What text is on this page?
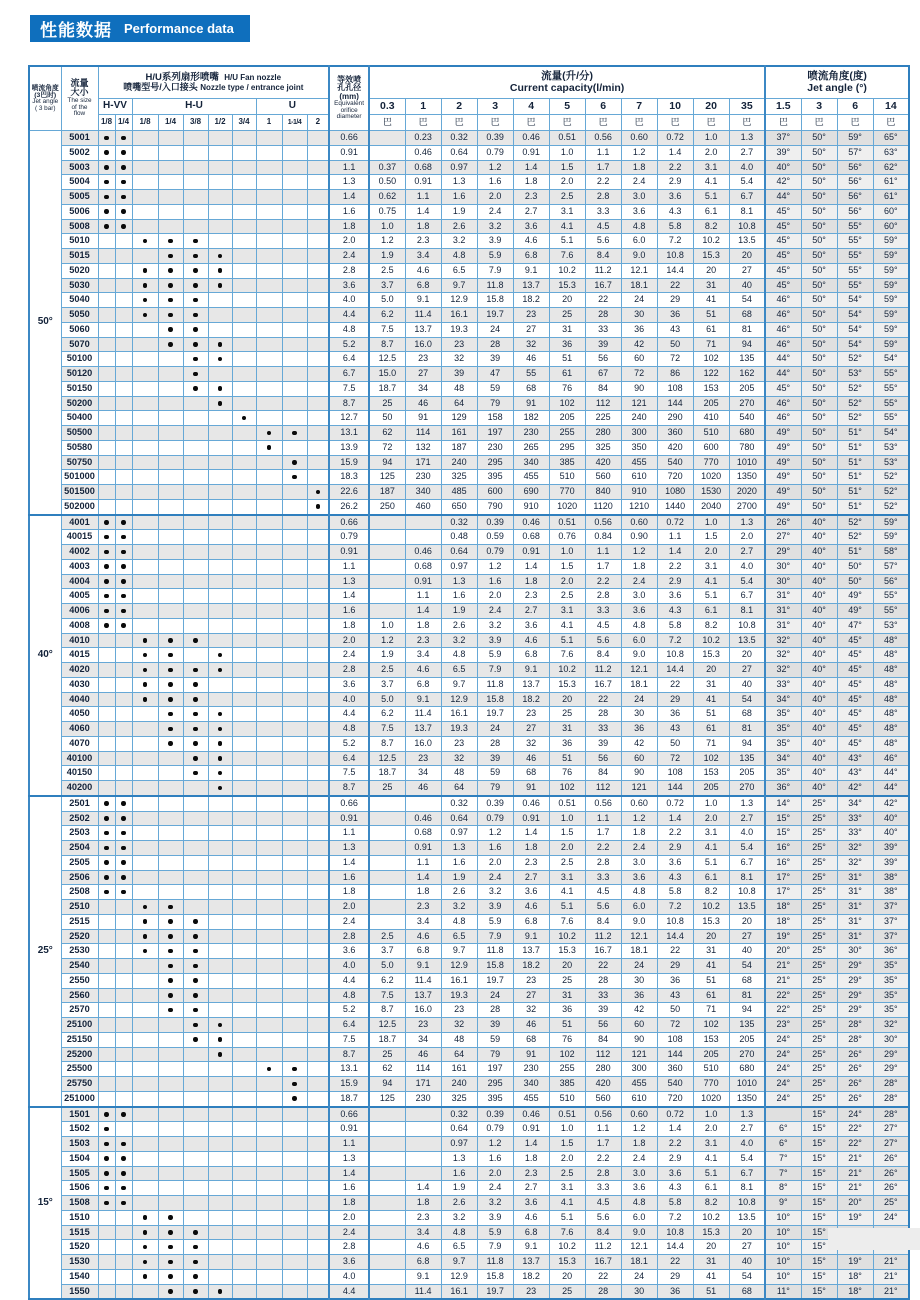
性能数据 Performance data
喷流角度
(3巴时)
Jet angle
( 3 bar)

流量
大小
The size
of the
flow

H/U系列扇形喷嘴 H/U Fan nozzle
喷嘴型号/入口接头 Nozzle type / entrance joint

等效喷
孔孔径
(mm)
Equivalent
orifice
diameter

流量(升/分)
Current capacity(l/min)

喷流角度(度)
Jet angle (°)

		H-VV		H-U					U				0.3	1	2	3	4	5	6	7	10	20	35	1.5	3	6	14
		1/8	1/4	1/8	1/4	3/8	1/2	3/4	1	1-1/4	2		巴	巴	巴	巴	巴	巴	巴	巴	巴	巴	巴	巴	巴	巴	巴
50°	5001											0.66		0.23	0.32	0.39	0.46	0.51	0.56	0.60	0.72	1.0	1.3	37°	50°	59°	65°
	5002											0.91		0.46	0.64	0.79	0.91	1.0	1.1	1.2	1.4	2.0	2.7	39°	50°	57°	63°
	5003											1.1	0.37	0.68	0.97	1.2	1.4	1.5	1.7	1.8	2.2	3.1	4.0	40°	50°	56°	62°
	5004											1.3	0.50	0.91	1.3	1.6	1.8	2.0	2.2	2.4	2.9	4.1	5.4	42°	50°	56°	61°
	5005											1.4	0.62	1.1	1.6	2.0	2.3	2.5	2.8	3.0	3.6	5.1	6.7	44°	50°	56°	61°
	5006											1.6	0.75	1.4	1.9	2.4	2.7	3.1	3.3	3.6	4.3	6.1	8.1	45°	50°	56°	60°
	5008											1.8	1.0	1.8	2.6	3.2	3.6	4.1	4.5	4.8	5.8	8.2	10.8	45°	50°	55°	60°
	5010											2.0	1.2	2.3	3.2	3.9	4.6	5.1	5.6	6.0	7.2	10.2	13.5	45°	50°	55°	59°
	5015											2.4	1.9	3.4	4.8	5.9	6.8	7.6	8.4	9.0	10.8	15.3	20	45°	50°	55°	59°
	5020											2.8	2.5	4.6	6.5	7.9	9.1	10.2	11.2	12.1	14.4	20	27	45°	50°	55°	59°
	5030											3.6	3.7	6.8	9.7	11.8	13.7	15.3	16.7	18.1	22	31	40	45°	50°	55°	59°
	5040											4.0	5.0	9.1	12.9	15.8	18.2	20	22	24	29	41	54	46°	50°	54°	59°
	5050											4.4	6.2	11.4	16.1	19.7	23	25	28	30	36	51	68	46°	50°	54°	59°
	5060											4.8	7.5	13.7	19.3	24	27	31	33	36	43	61	81	46°	50°	54°	59°
	5070											5.2	8.7	16.0	23	28	32	36	39	42	50	71	94	46°	50°	54°	59°
	50100											6.4	12.5	23	32	39	46	51	56	60	72	102	135	44°	50°	52°	54°
	50120											6.7	15.0	27	39	47	55	61	67	72	86	122	162	44°	50°	53°	55°
	50150											7.5	18.7	34	48	59	68	76	84	90	108	153	205	45°	50°	52°	55°
	50200											8.7	25	46	64	79	91	102	112	121	144	205	270	46°	50°	52°	55°
	50400											12.7	50	91	129	158	182	205	225	240	290	410	540	46°	50°	52°	55°
	50500											13.1	62	114	161	197	230	255	280	300	360	510	680	49°	50°	51°	54°
	50580											13.9	72	132	187	230	265	295	325	350	420	600	780	49°	50°	51°	53°
	50750											15.9	94	171	240	295	340	385	420	455	540	770	1010	49°	50°	51°	53°
	501000											18.3	125	230	325	395	455	510	560	610	720	1020	1350	49°	50°	51°	52°
	501500											22.6	187	340	485	600	690	770	840	910	1080	1530	2020	49°	50°	51°	52°
	502000											26.2	250	460	650	790	910	1020	1120	1210	1440	2040	2700	49°	50°	51°	52°
40°	4001											0.66			0.32	0.39	0.46	0.51	0.56	0.60	0.72	1.0	1.3	26°	40°	52°	59°
	40015											0.79			0.48	0.59	0.68	0.76	0.84	0.90	1.1	1.5	2.0	27°	40°	52°	59°
	4002											0.91		0.46	0.64	0.79	0.91	1.0	1.1	1.2	1.4	2.0	2.7	29°	40°	51°	58°
	4003											1.1		0.68	0.97	1.2	1.4	1.5	1.7	1.8	2.2	3.1	4.0	30°	40°	50°	57°
	4004											1.3		0.91	1.3	1.6	1.8	2.0	2.2	2.4	2.9	4.1	5.4	30°	40°	50°	56°
	4005											1.4		1.1	1.6	2.0	2.3	2.5	2.8	3.0	3.6	5.1	6.7	31°	40°	49°	55°
	4006											1.6		1.4	1.9	2.4	2.7	3.1	3.3	3.6	4.3	6.1	8.1	31°	40°	49°	55°
	4008											1.8	1.0	1.8	2.6	3.2	3.6	4.1	4.5	4.8	5.8	8.2	10.8	31°	40°	47°	53°
	4010											2.0	1.2	2.3	3.2	3.9	4.6	5.1	5.6	6.0	7.2	10.2	13.5	32°	40°	45°	48°
	4015											2.4	1.9	3.4	4.8	5.9	6.8	7.6	8.4	9.0	10.8	15.3	20	32°	40°	45°	48°
	4020											2.8	2.5	4.6	6.5	7.9	9.1	10.2	11.2	12.1	14.4	20	27	32°	40°	45°	48°
	4030											3.6	3.7	6.8	9.7	11.8	13.7	15.3	16.7	18.1	22	31	40	33°	40°	45°	48°
	4040											4.0	5.0	9.1	12.9	15.8	18.2	20	22	24	29	41	54	34°	40°	45°	48°
	4050											4.4	6.2	11.4	16.1	19.7	23	25	28	30	36	51	68	35°	40°	45°	48°
	4060											4.8	7.5	13.7	19.3	24	27	31	33	36	43	61	81	35°	40°	45°	48°
	4070											5.2	8.7	16.0	23	28	32	36	39	42	50	71	94	35°	40°	45°	48°
	40100											6.4	12.5	23	32	39	46	51	56	60	72	102	135	34°	40°	43°	46°
	40150											7.5	18.7	34	48	59	68	76	84	90	108	153	205	35°	40°	43°	44°
	40200											8.7	25	46	64	79	91	102	112	121	144	205	270	36°	40°	42°	44°
25°	2501											0.66			0.32	0.39	0.46	0.51	0.56	0.60	0.72	1.0	1.3	14°	25°	34°	42°
	2502											0.91		0.46	0.64	0.79	0.91	1.0	1.1	1.2	1.4	2.0	2.7	15°	25°	33°	40°
	2503											1.1		0.68	0.97	1.2	1.4	1.5	1.7	1.8	2.2	3.1	4.0	15°	25°	33°	40°
	2504											1.3		0.91	1.3	1.6	1.8	2.0	2.2	2.4	2.9	4.1	5.4	16°	25°	32°	39°
	2505											1.4		1.1	1.6	2.0	2.3	2.5	2.8	3.0	3.6	5.1	6.7	16°	25°	32°	39°
	2506											1.6		1.4	1.9	2.4	2.7	3.1	3.3	3.6	4.3	6.1	8.1	17°	25°	31°	38°
	2508											1.8		1.8	2.6	3.2	3.6	4.1	4.5	4.8	5.8	8.2	10.8	17°	25°	31°	38°
	2510											2.0		2.3	3.2	3.9	4.6	5.1	5.6	6.0	7.2	10.2	13.5	18°	25°	31°	37°
	2515											2.4		3.4	4.8	5.9	6.8	7.6	8.4	9.0	10.8	15.3	20	18°	25°	31°	37°
	2520											2.8	2.5	4.6	6.5	7.9	9.1	10.2	11.2	12.1	14.4	20	27	19°	25°	31°	37°
	2530											3.6	3.7	6.8	9.7	11.8	13.7	15.3	16.7	18.1	22	31	40	20°	25°	30°	36°
	2540											4.0	5.0	9.1	12.9	15.8	18.2	20	22	24	29	41	54	21°	25°	29°	35°
	2550											4.4	6.2	11.4	16.1	19.7	23	25	28	30	36	51	68	21°	25°	29°	35°
	2560											4.8	7.5	13.7	19.3	24	27	31	33	36	43	61	81	22°	25°	29°	35°
	2570											5.2	8.7	16.0	23	28	32	36	39	42	50	71	94	22°	25°	29°	35°
	25100											6.4	12.5	23	32	39	46	51	56	60	72	102	135	23°	25°	28°	32°
	25150											7.5	18.7	34	48	59	68	76	84	90	108	153	205	24°	25°	28°	30°
	25200											8.7	25	46	64	79	91	102	112	121	144	205	270	24°	25°	26°	29°
	25500											13.1	62	114	161	197	230	255	280	300	360	510	680	24°	25°	26°	29°
	25750											15.9	94	171	240	295	340	385	420	455	540	770	1010	24°	25°	26°	28°
	251000											18.7	125	230	325	395	455	510	560	610	720	1020	1350	24°	25°	26°	28°
15°	1501											0.66			0.32	0.39	0.46	0.51	0.56	0.60	0.72	1.0	1.3		15°	24°	28°
	1502											0.91			0.64	0.79	0.91	1.0	1.1	1.2	1.4	2.0	2.7	6°	15°	22°	27°
	1503											1.1			0.97	1.2	1.4	1.5	1.7	1.8	2.2	3.1	4.0	6°	15°	22°	27°
	1504											1.3			1.3	1.6	1.8	2.0	2.2	2.4	2.9	4.1	5.4	7°	15°	21°	26°
	1505											1.4			1.6	2.0	2.3	2.5	2.8	3.0	3.6	5.1	6.7	7°	15°	21°	26°
	1506											1.6		1.4	1.9	2.4	2.7	3.1	3.3	3.6	4.3	6.1	8.1	8°	15°	21°	26°
	1508											1.8		1.8	2.6	3.2	3.6	4.1	4.5	4.8	5.8	8.2	10.8	9°	15°	20°	25°
	1510											2.0		2.3	3.2	3.9	4.6	5.1	5.6	6.0	7.2	10.2	13.5	10°	15°	19°	24°
	1515											2.4		3.4	4.8	5.9	6.8	7.6	8.4	9.0	10.8	15.3	20	10°	15°		
	1520											2.8		4.6	6.5	7.9	9.1	10.2	11.2	12.1	14.4	20	27	10°	15°		
	1530											3.6		6.8	9.7	11.8	13.7	15.3	16.7	18.1	22	31	40	10°	15°	19°	21°
	1540											4.0		9.1	12.9	15.8	18.2	20	22	24	29	41	54	10°	15°	18°	21°
	1550											4.4		11.4	16.1	19.7	23	25	28	30	36	51	68	11°	15°	18°	21°
